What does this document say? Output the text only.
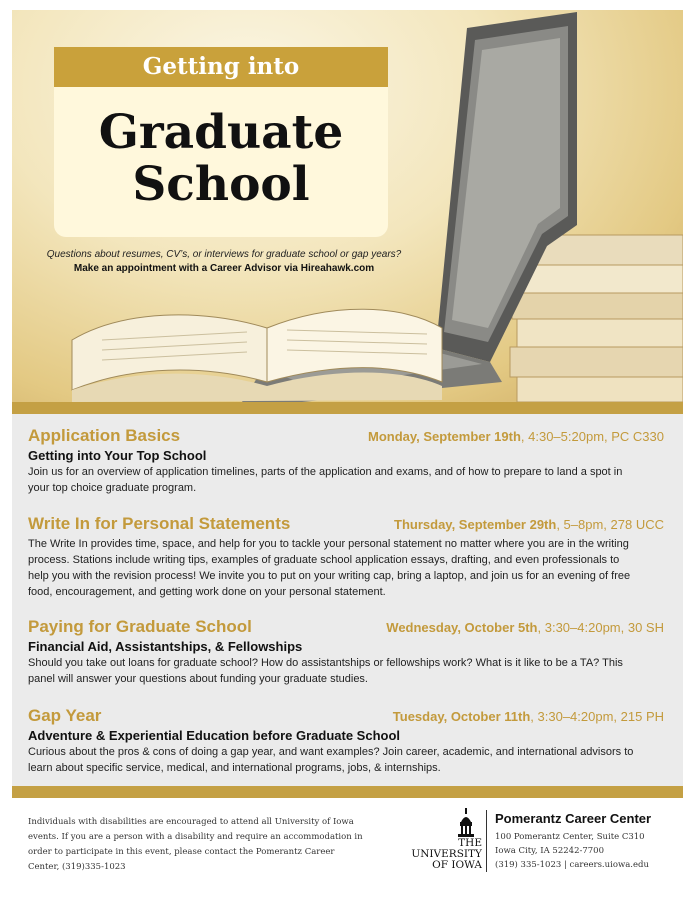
Getting into
Graduate
School
Questions about resumes, CV’s, or interviews for graduate school or gap years?
Make an appointment with a Career Advisor via Hireahawk.com
Application Basics	Monday, September 19th, 4:30–5:20pm, PC C330
Getting into Your Top School
Join us for an overview of application timelines, parts of the application and exams, and of how to prepare to land a spot in your top choice graduate program.
Write In for Personal Statements	Thursday, September 29th, 5–8pm, 278 UCC
The Write In provides time, space, and help for you to tackle your personal statement no matter where you are in the writing process. Stations include writing tips, examples of graduate school application essays, drafting, and even professionals to help you with the revision process! We invite you to put on your writing cap, bring a laptop, and join us for an evening of free food, encouragement, and getting work done on your personal statement.
Paying for Graduate School	Wednesday, October 5th, 3:30–4:20pm, 30 SH
Financial Aid, Assistantships, & Fellowships
Should you take out loans for graduate school? How do assistantships or fellowships work? What is it like to be a TA? This panel will answer your questions about funding your graduate studies.
Gap Year	Tuesday, October 11th, 3:30–4:20pm, 215 PH
Adventure & Experiential Education before Graduate School
Curious about the pros & cons of doing a gap year, and want examples? Join career, academic, and international advisors to learn about specific service, medical, and international programs, jobs, & internships.
Individuals with disabilities are encouraged to attend all University of Iowa events. If you are a person with a disability and require an accommodation in order to participate in this event, please contact the Pomerantz Career Center, (319)335-1023
THE
UNIVERSITY
OF IOWA
Pomerantz Career Center
100 Pomerantz Center, Suite C310
Iowa City, IA 52242-7700
(319) 335-1023 | careers.uiowa.edu
